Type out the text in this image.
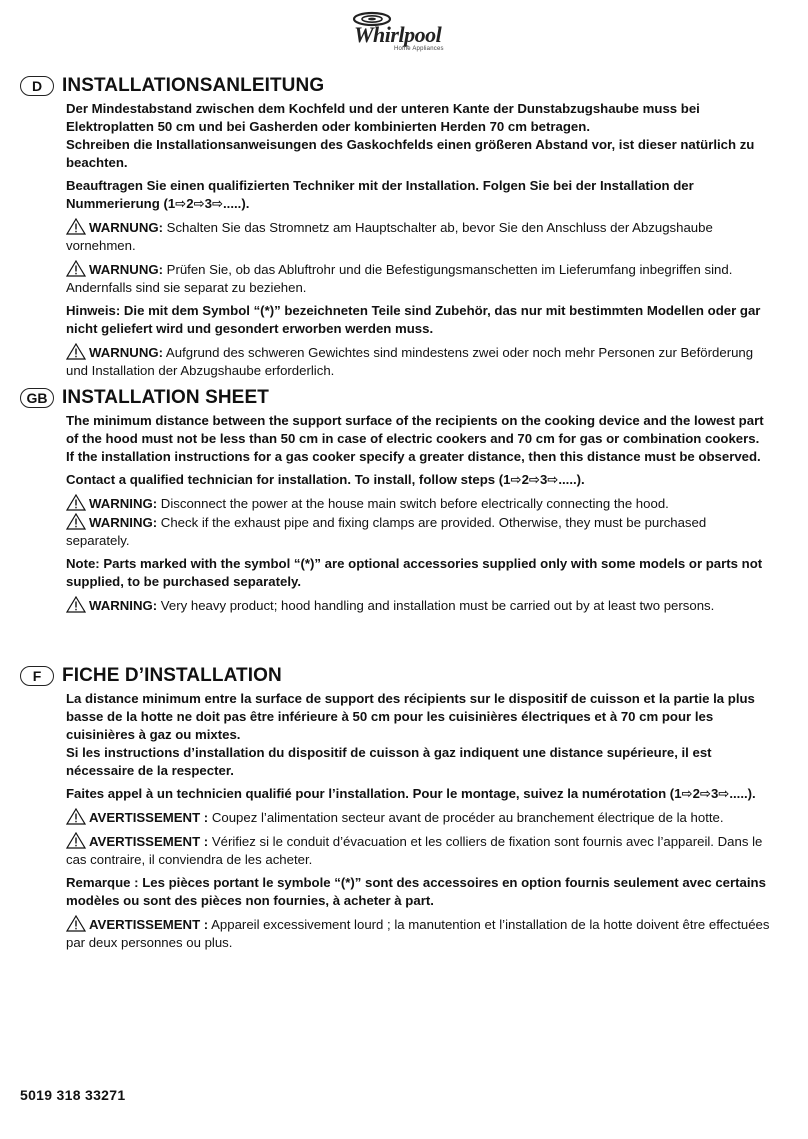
Whirlpool
Home Appliances
D	INSTALLATIONSANLEITUNG

Der Mindestabstand zwischen dem Kochfeld und der unteren Kante der Dunstabzugshaube muss bei Elektroplatten 50 cm und bei Gasherden oder kombinierten Herden 70 cm betragen.

Schreiben die Installationsanweisungen des Gaskochfelds einen größeren Abstand vor, ist dieser natürlich zu beachten.

Beauftragen Sie einen qualifizierten Techniker mit der Installation. Folgen Sie bei der Installation der Nummerierung (1⇨2⇨3⇨.....).

WARNUNG: Schalten Sie das Stromnetz am Hauptschalter ab, bevor Sie den Anschluss der Abzugshaube vornehmen.

WARNUNG: Prüfen Sie, ob das Abluftrohr und die Befestigungsmanschetten im Lieferumfang inbegriffen sind. Andernfalls sind sie separat zu beziehen.

Hinweis: Die mit dem Symbol “(*)” bezeichneten Teile sind Zubehör, das nur mit bestimmten Modellen oder gar nicht geliefert wird und gesondert erworben werden muss.

WARNUNG: Aufgrund des schweren Gewichtes sind mindestens zwei oder noch mehr Personen zur Beförderung und Installation der Abzugshaube erforderlich.

GB INSTALLATION SHEET

The minimum distance between the support surface of the recipients on the cooking device and the lowest part of the hood must not be less than 50 cm in case of electric cookers and 70 cm for gas or combination cookers.

If the installation instructions for a gas cooker specify a greater distance, then this distance must be observed.

Contact a qualified technician for installation. To install, follow steps (1⇨2⇨3⇨.....).

WARNING: Disconnect the power at the house main switch before electrically connecting the hood.

WARNING: Check if the exhaust pipe and fixing clamps are provided. Otherwise, they must be purchased separately.

Note: Parts marked with the symbol “(*)” are optional accessories supplied only with some models or parts not supplied, to be purchased separately.

WARNING: Very heavy product; hood handling and installation must be carried out by at least two persons.

F	FICHE D’INSTALLATION

La distance minimum entre la surface de support des récipients sur le dispositif de cuisson et la partie la plus basse de la hotte ne doit pas être inférieure à 50 cm pour les cuisinières électriques et à 70 cm pour les cuisinières à gaz ou mixtes.

Si les instructions d’installation du dispositif de cuisson à gaz indiquent une distance supérieure, il est nécessaire de la respecter.

Faites appel à un technicien qualifié pour l’installation. Pour le montage, suivez la numérotation (1⇨2⇨3⇨.....).

AVERTISSEMENT : Coupez l’alimentation secteur avant de procéder au branchement électrique de la hotte.

AVERTISSEMENT : Vérifiez si le conduit d’évacuation et les colliers de fixation sont fournis avec l’appareil. Dans le cas contraire, il conviendra de les acheter.

Remarque : Les pièces portant le symbole “(*)” sont des accessoires en option fournis seulement avec certains modèles ou sont des pièces non fournies, à acheter à part.

AVERTISSEMENT : Appareil excessivement lourd ; la manutention et l’installation de la hotte doivent être effectuées par deux personnes ou plus.

5019 318 33271
